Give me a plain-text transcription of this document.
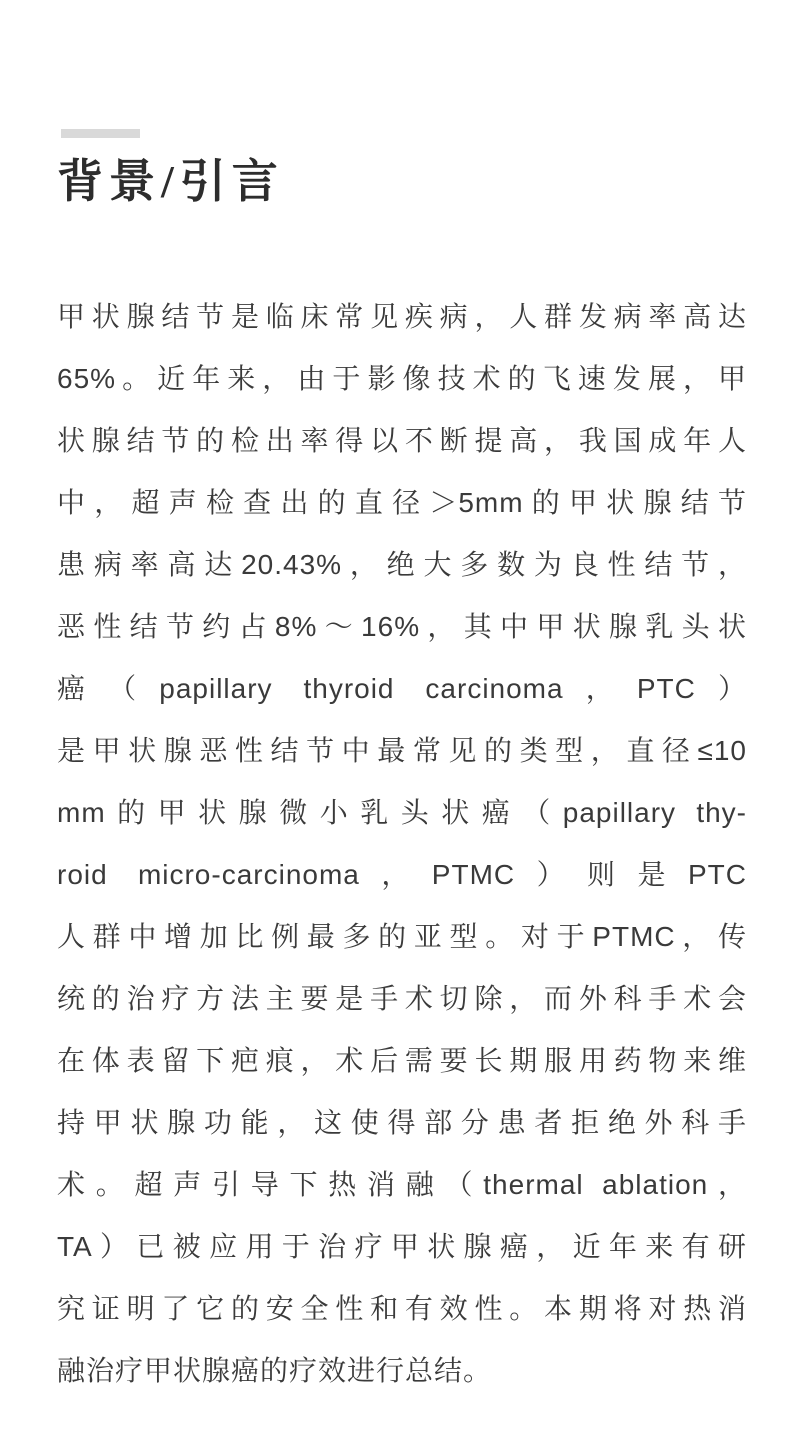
背景/引言
甲状腺结节是临床常见疾病，人群发病率高达
65%。近年来，由于影像技术的飞速发展，甲
状腺结节的检出率得以不断提高，我国成年人
中，超声检查出的直径＞5mm的甲状腺结节
患病率高达20.43%，绝大多数为良性结节，
恶性结节约占8%～16%，其中甲状腺乳头状
癌（papillary thyroid carcinoma，PTC）
是甲状腺恶性结节中最常见的类型，直径≤10
mm的甲状腺微小乳头状癌（papillary thy-
roid micro-carcinoma，PTMC）则是PTC
人群中增加比例最多的亚型。对于PTMC，传
统的治疗方法主要是手术切除，而外科手术会
在体表留下疤痕，术后需要长期服用药物来维
持甲状腺功能，这使得部分患者拒绝外科手
术。超声引导下热消融（thermal ablation，
TA）已被应用于治疗甲状腺癌，近年来有研
究证明了它的安全性和有效性。本期将对热消
融治疗甲状腺癌的疗效进行总结。
